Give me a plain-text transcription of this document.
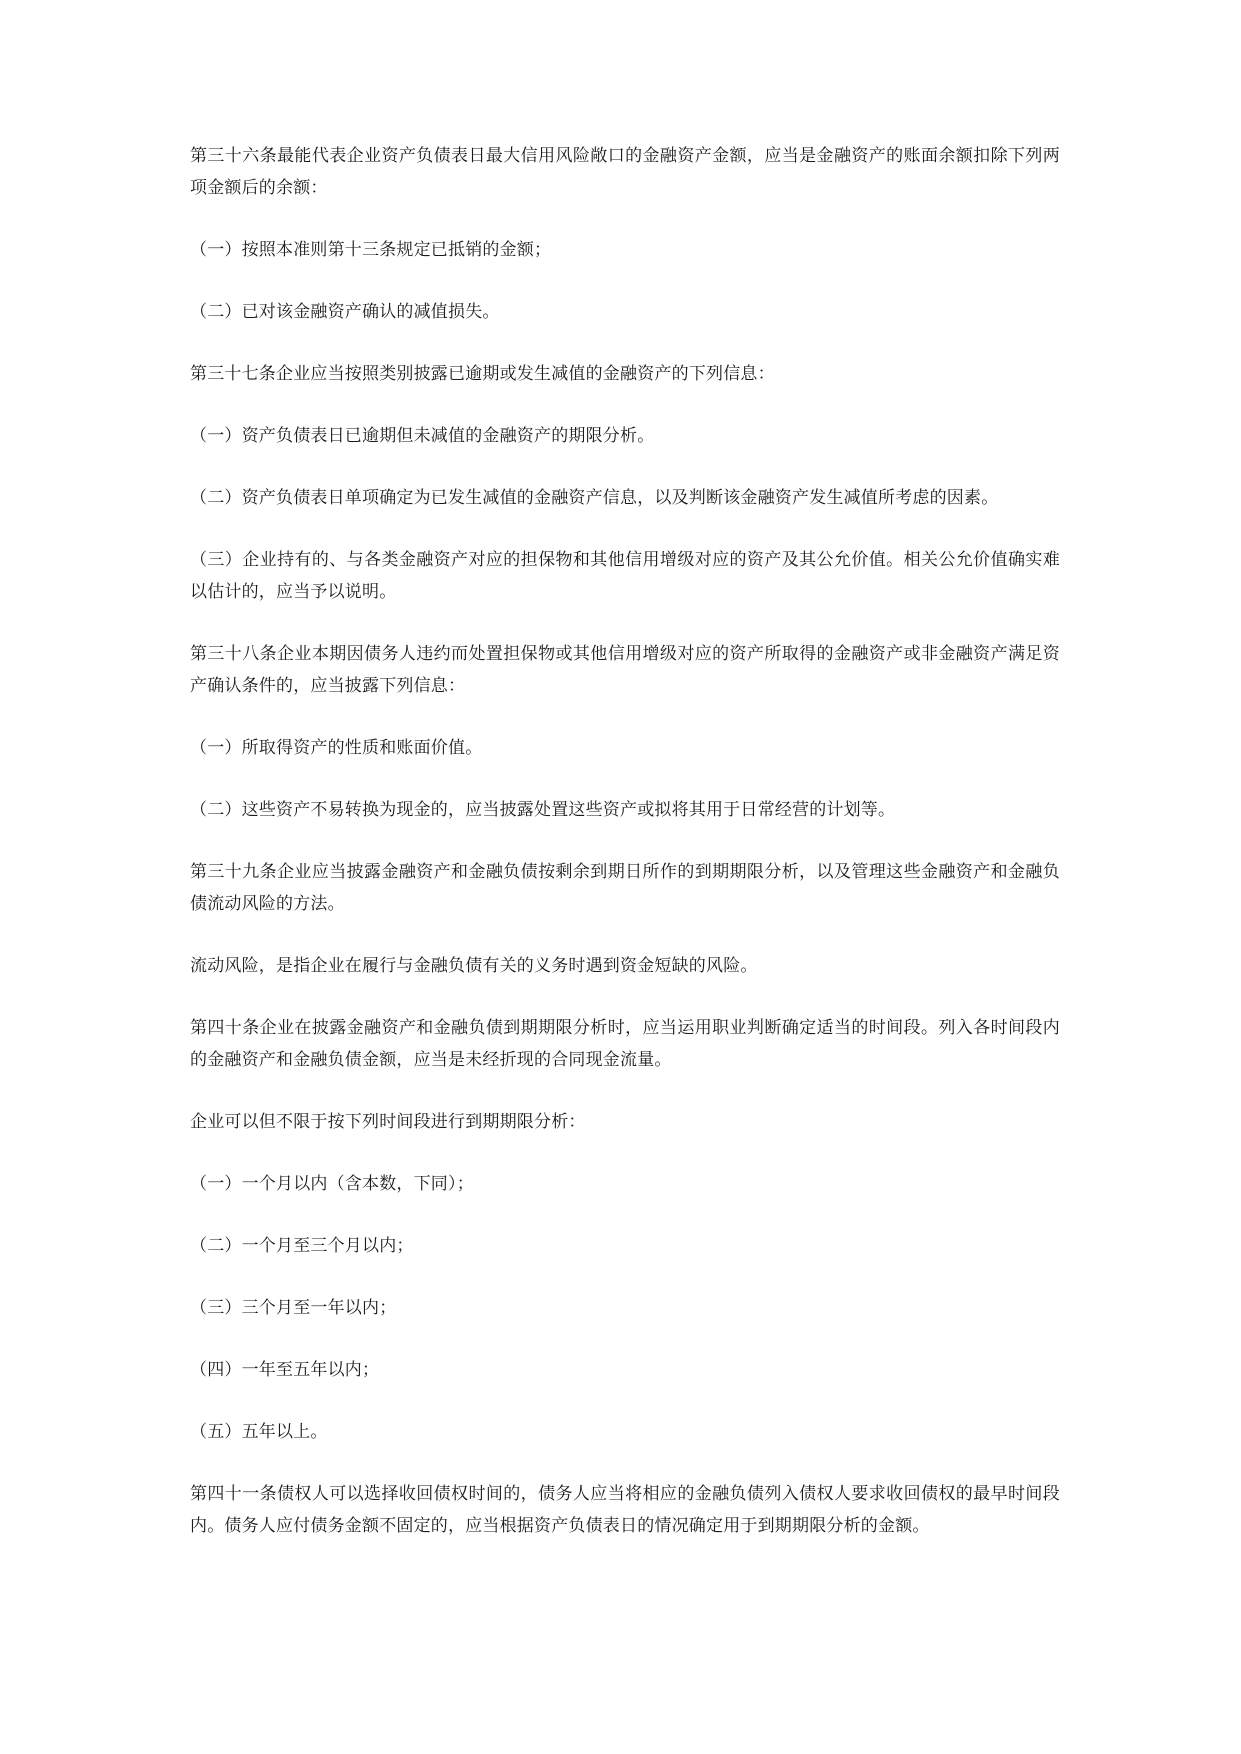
第三十六条最能代表企业资产负债表日最大信用风险敞口的金融资产金额，应当是金融资产的账面余额扣除下列两项金额后的余额：

（一）按照本准则第十三条规定已抵销的金额；

（二）已对该金融资产确认的减值损失。

第三十七条企业应当按照类别披露已逾期或发生减值的金融资产的下列信息：

（一）资产负债表日已逾期但未减值的金融资产的期限分析。

（二）资产负债表日单项确定为已发生减值的金融资产信息，以及判断该金融资产发生减值所考虑的因素。

（三）企业持有的、与各类金融资产对应的担保物和其他信用增级对应的资产及其公允价值。相关公允价值确实难以估计的，应当予以说明。

第三十八条企业本期因债务人违约而处置担保物或其他信用增级对应的资产所取得的金融资产或非金融资产满足资产确认条件的，应当披露下列信息：

（一）所取得资产的性质和账面价值。

（二）这些资产不易转换为现金的，应当披露处置这些资产或拟将其用于日常经营的计划等。

第三十九条企业应当披露金融资产和金融负债按剩余到期日所作的到期期限分析，以及管理这些金融资产和金融负债流动风险的方法。

流动风险，是指企业在履行与金融负债有关的义务时遇到资金短缺的风险。

第四十条企业在披露金融资产和金融负债到期期限分析时，应当运用职业判断确定适当的时间段。列入各时间段内的金融资产和金融负债金额，应当是未经折现的合同现金流量。

企业可以但不限于按下列时间段进行到期期限分析：

（一）一个月以内（含本数，下同）；

（二）一个月至三个月以内；

（三）三个月至一年以内；

（四）一年至五年以内；

（五）五年以上。

第四十一条债权人可以选择收回债权时间的，债务人应当将相应的金融负债列入债权人要求收回债权的最早时间段内。债务人应付债务金额不固定的，应当根据资产负债表日的情况确定用于到期期限分析的金额。
